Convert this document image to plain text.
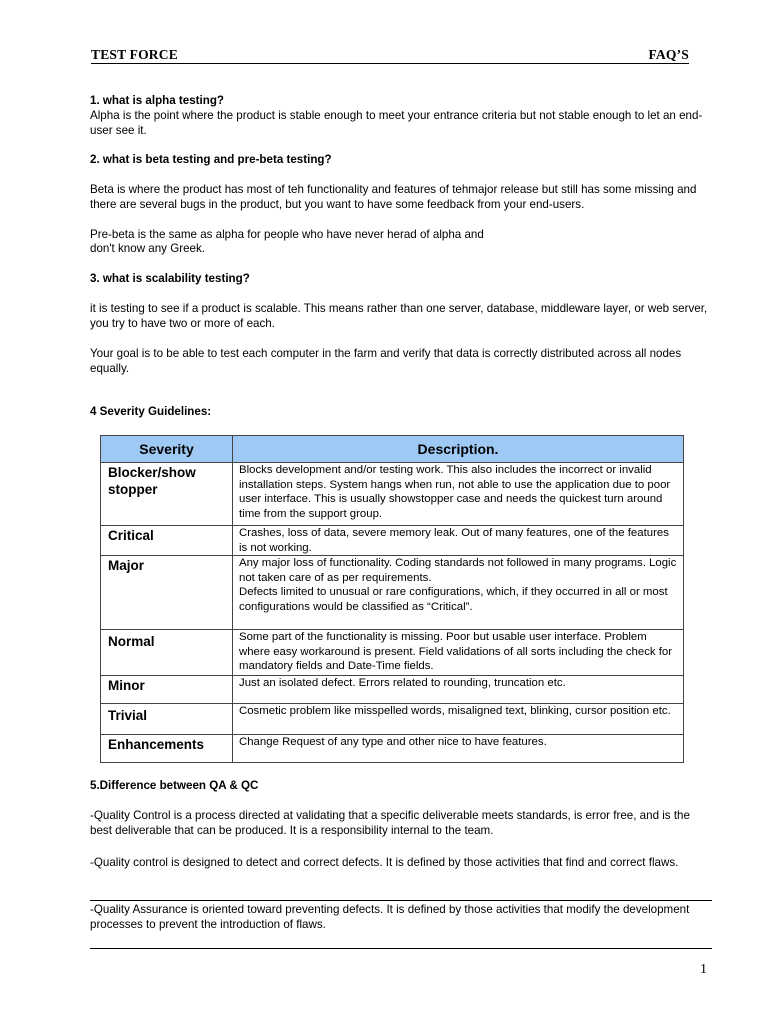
TEST FORCE	FAQ’S
1. what is alpha testing?
Alpha is the point where the product is stable enough to meet your entrance criteria but not stable enough to let an end-user see it.
2. what is beta testing and pre-beta testing?
Beta is where the product has most of teh functionality and features of tehmajor release but still has some missing and there are several bugs in the product, but you want to have some feedback from your end-users.
Pre-beta is the same as alpha for people who have never herad of alpha and
don't know any Greek.
3. what is scalability testing?
it is testing to see if a product is scalable. This means rather than one server, database, middleware layer, or web server, you try to have two or more of each.
Your goal is to be able to test each computer in the farm and verify that data is correctly distributed across all nodes equally.
4 Severity Guidelines:
Severity	Description.
Blocker/show stopper	Blocks development and/or testing work. This also includes the incorrect or invalid installation steps. System hangs when run, not able to use the application due to poor user interface. This is usually showstopper case and needs the quickest turn around time from the support group.
Critical	Crashes, loss of data, severe memory leak. Out of many features, one of the features is not working.
Major	Any major loss of functionality. Coding standards not followed in many programs. Logic not taken care of as per requirements.
Defects limited to unusual or rare configurations, which, if they occurred in all or most configurations would be classified as “Critical”.

Normal	Some part of the functionality is missing. Poor but usable user interface. Problem where easy workaround is present. Field validations of all sorts including the check for mandatory fields and Date-Time fields.
Minor	Just an isolated defect. Errors related to rounding, truncation etc.
Trivial	Cosmetic problem like misspelled words, misaligned text, blinking, cursor position etc.
Enhancements	Change Request of any type and other nice to have features.
5.Difference between QA & QC
-Quality Control is a process directed at validating that a specific deliverable meets standards, is error free, and is the best deliverable that can be produced. It is a responsibility internal to the team.
-Quality control is designed to detect and correct defects. It is defined by those activities that find and correct flaws.
-Quality Assurance is oriented toward preventing defects. It is defined by those activities that modify the development processes to prevent the introduction of flaws.
1
